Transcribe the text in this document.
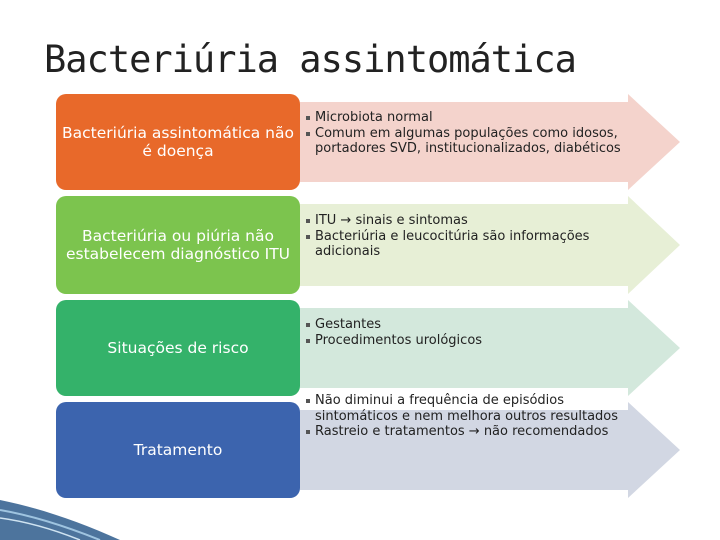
Bacteriúria assintomática
Bacteriúria assintomática não é doença
Microbiota normal
Comum em algumas populações como idosos, portadores SVD, institucionalizados, diabéticos
Bacteriúria ou piúria não estabelecem diagnóstico ITU
ITU → sinais e sintomas
Bacteriúria e leucocitúria são informações adicionais
Situações de risco
Gestantes
Procedimentos urológicos
Tratamento
Não diminui a frequência de episódios sintomáticos e nem melhora outros resultados
Rastreio e tratamentos → não recomendados
